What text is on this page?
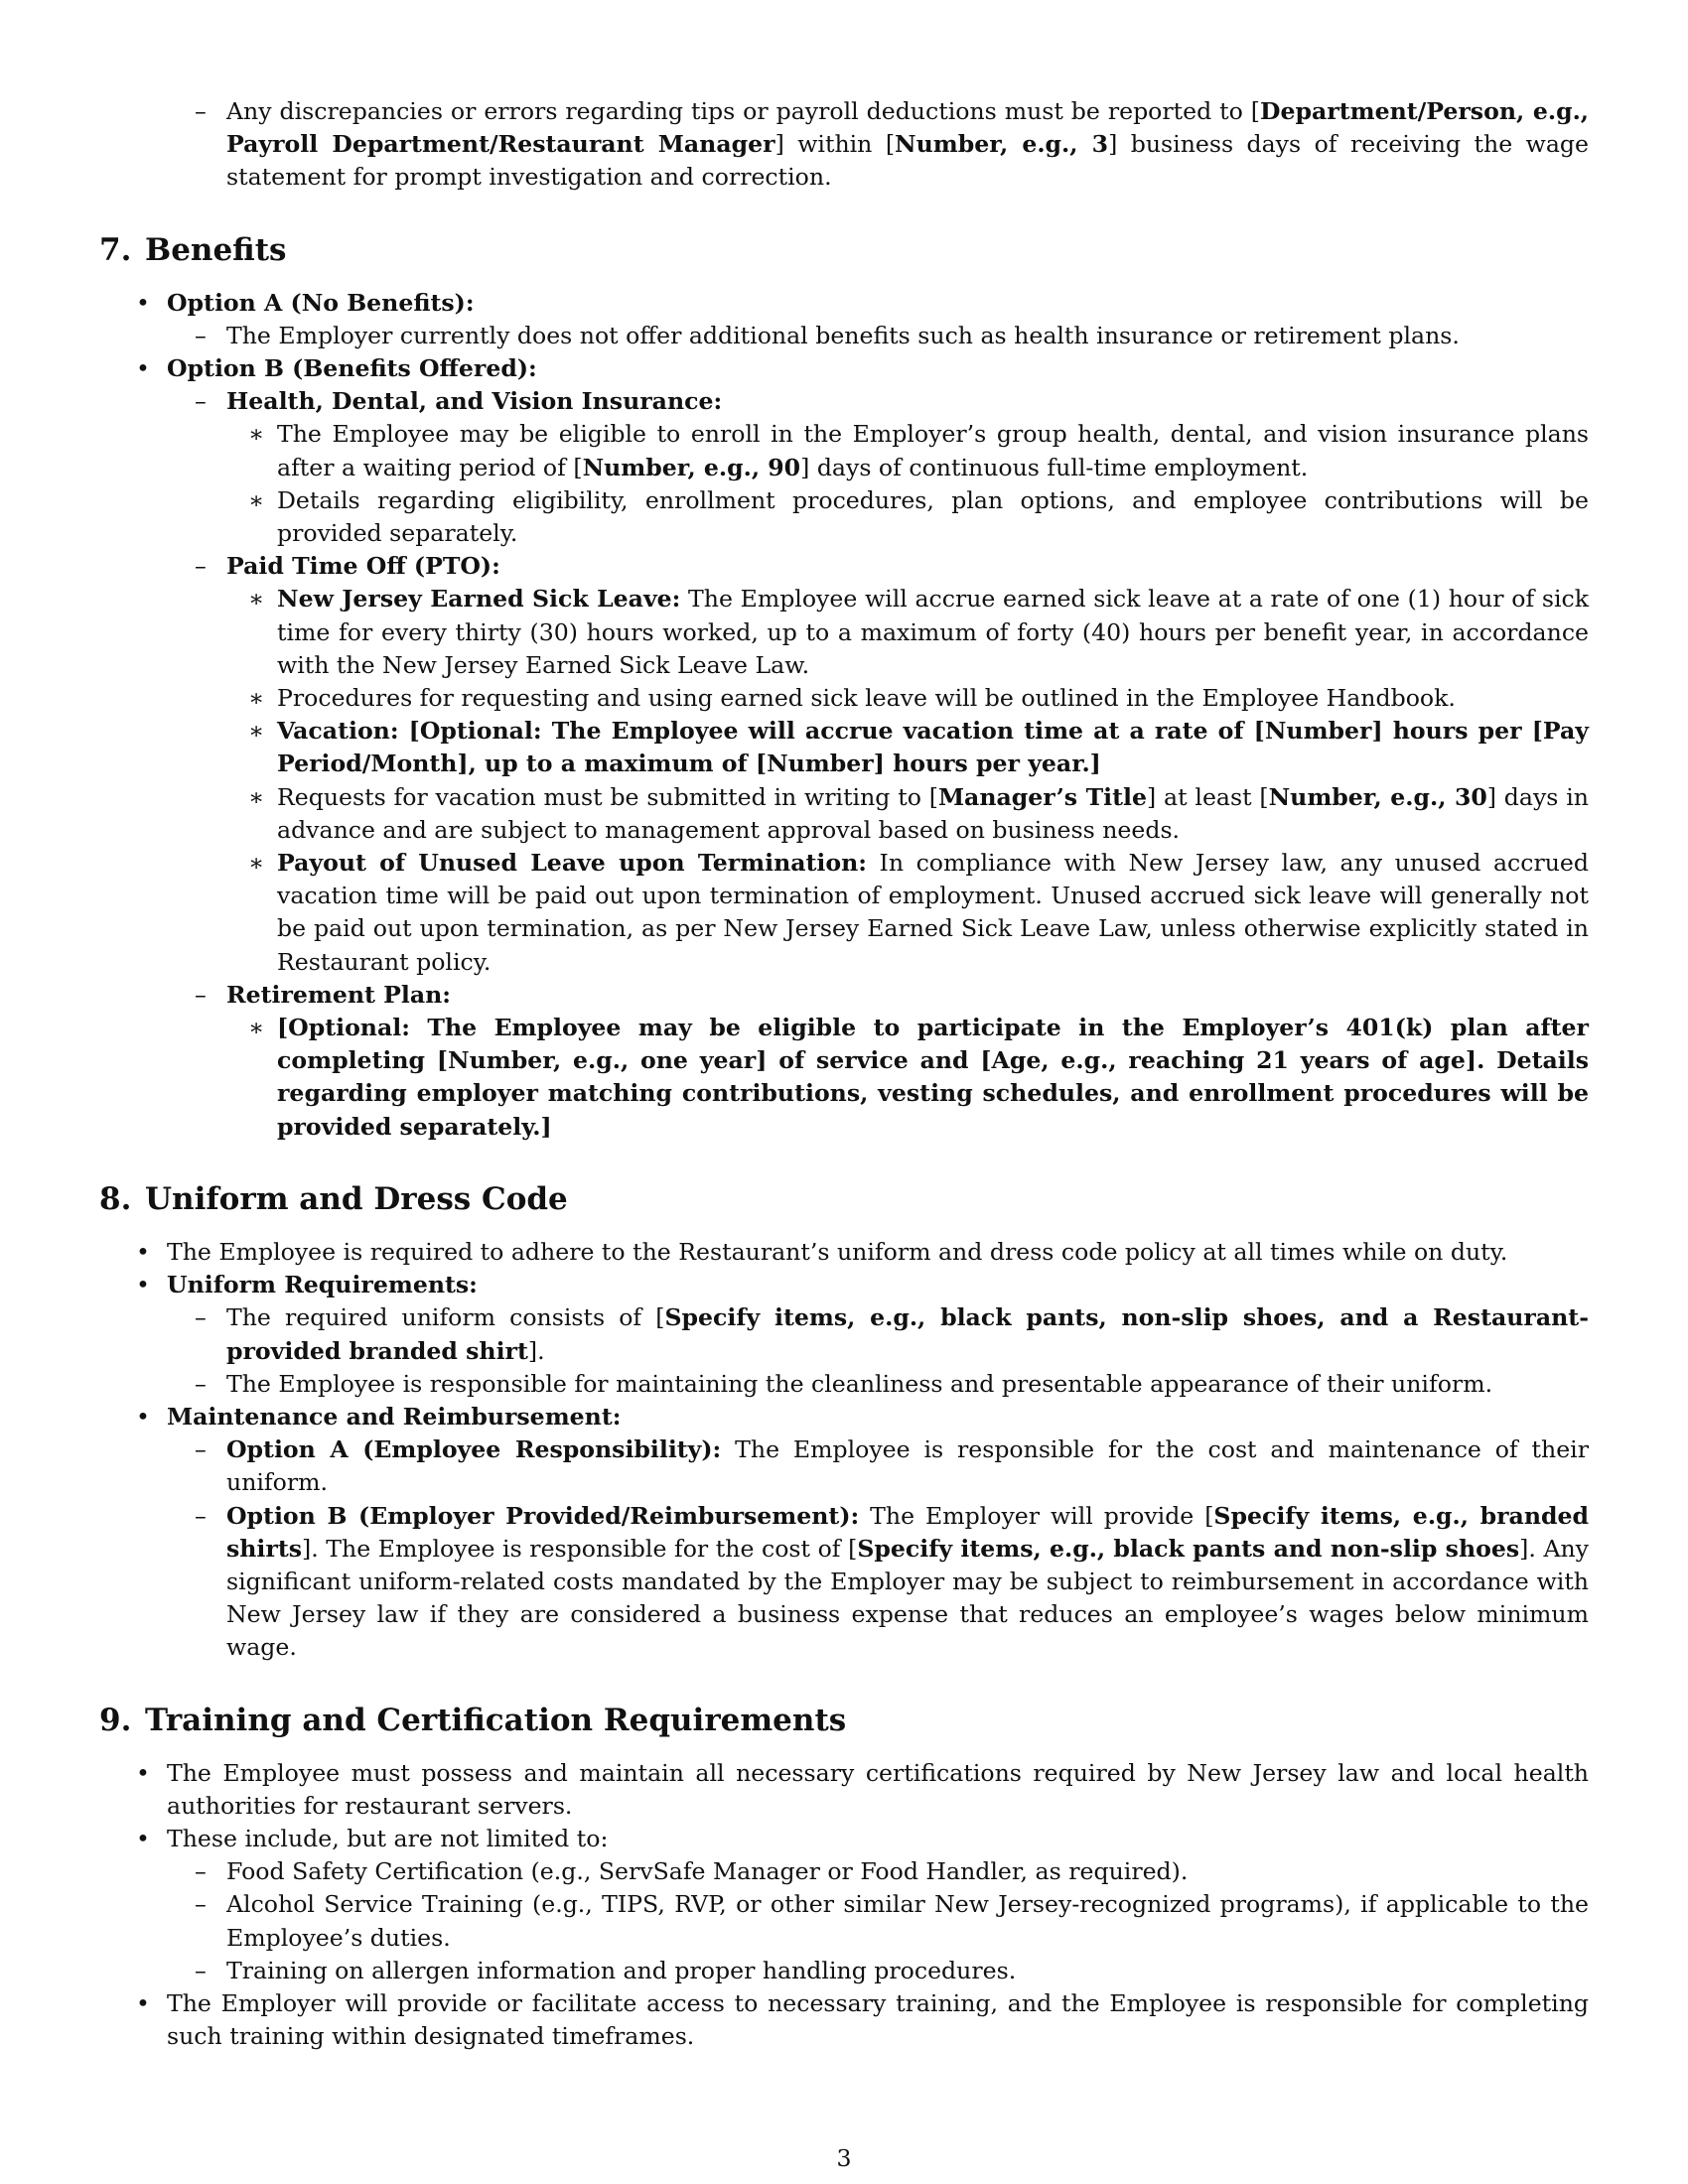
– Any discrepancies or errors regarding tips or payroll deductions must be reported to [Department/Person, e.g., Payroll Department/Restaurant Manager] within [Number, e.g., 3] business days of receiving the wage statement for prompt investigation and correction.
7. Benefits
• Option A (No Benefits):
– The Employer currently does not offer additional benefits such as health insurance or retirement plans.
• Option B (Benefits Offered):
– Health, Dental, and Vision Insurance:
∗ The Employee may be eligible to enroll in the Employer’s group health, dental, and vision insurance plans after a waiting period of [Number, e.g., 90] days of continuous full-time employment.
∗ Details regarding eligibility, enrollment procedures, plan options, and employee contributions will be provided separately.
– Paid Time Off (PTO):
∗ New Jersey Earned Sick Leave: The Employee will accrue earned sick leave at a rate of one (1) hour of sick time for every thirty (30) hours worked, up to a maximum of forty (40) hours per benefit year, in accordance with the New Jersey Earned Sick Leave Law.
∗ Procedures for requesting and using earned sick leave will be outlined in the Employee Handbook.
∗ Vacation: [Optional: The Employee will accrue vacation time at a rate of [Number] hours per [Pay Period/Month], up to a maximum of [Number] hours per year.]
∗ Requests for vacation must be submitted in writing to [Manager’s Title] at least [Number, e.g., 30] days in advance and are subject to management approval based on business needs.
∗ Payout of Unused Leave upon Termination: In compliance with New Jersey law, any unused accrued vacation time will be paid out upon termination of employment. Unused accrued sick leave will generally not be paid out upon termination, as per New Jersey Earned Sick Leave Law, unless otherwise explicitly stated in Restaurant policy.
– Retirement Plan:
∗ [Optional: The Employee may be eligible to participate in the Employer’s 401(k) plan after completing [Number, e.g., one year] of service and [Age, e.g., reaching 21 years of age]. Details regarding employer matching contributions, vesting schedules, and enrollment procedures will be provided separately.]
8. Uniform and Dress Code
• The Employee is required to adhere to the Restaurant’s uniform and dress code policy at all times while on duty.
• Uniform Requirements:
– The required uniform consists of [Specify items, e.g., black pants, non-slip shoes, and a Restaurant-provided branded shirt].
– The Employee is responsible for maintaining the cleanliness and presentable appearance of their uniform.
• Maintenance and Reimbursement:
– Option A (Employee Responsibility): The Employee is responsible for the cost and maintenance of their uniform.
– Option B (Employer Provided/Reimbursement): The Employer will provide [Specify items, e.g., branded shirts]. The Employee is responsible for the cost of [Specify items, e.g., black pants and non-slip shoes]. Any significant uniform-related costs mandated by the Employer may be subject to reimbursement in accordance with New Jersey law if they are considered a business expense that reduces an employee’s wages below minimum wage.
9. Training and Certification Requirements
• The Employee must possess and maintain all necessary certifications required by New Jersey law and local health authorities for restaurant servers.
• These include, but are not limited to:
– Food Safety Certification (e.g., ServSafe Manager or Food Handler, as required).
– Alcohol Service Training (e.g., TIPS, RVP, or other similar New Jersey-recognized programs), if applicable to the Employee’s duties.
– Training on allergen information and proper handling procedures.
• The Employer will provide or facilitate access to necessary training, and the Employee is responsible for completing such training within designated timeframes.
3
